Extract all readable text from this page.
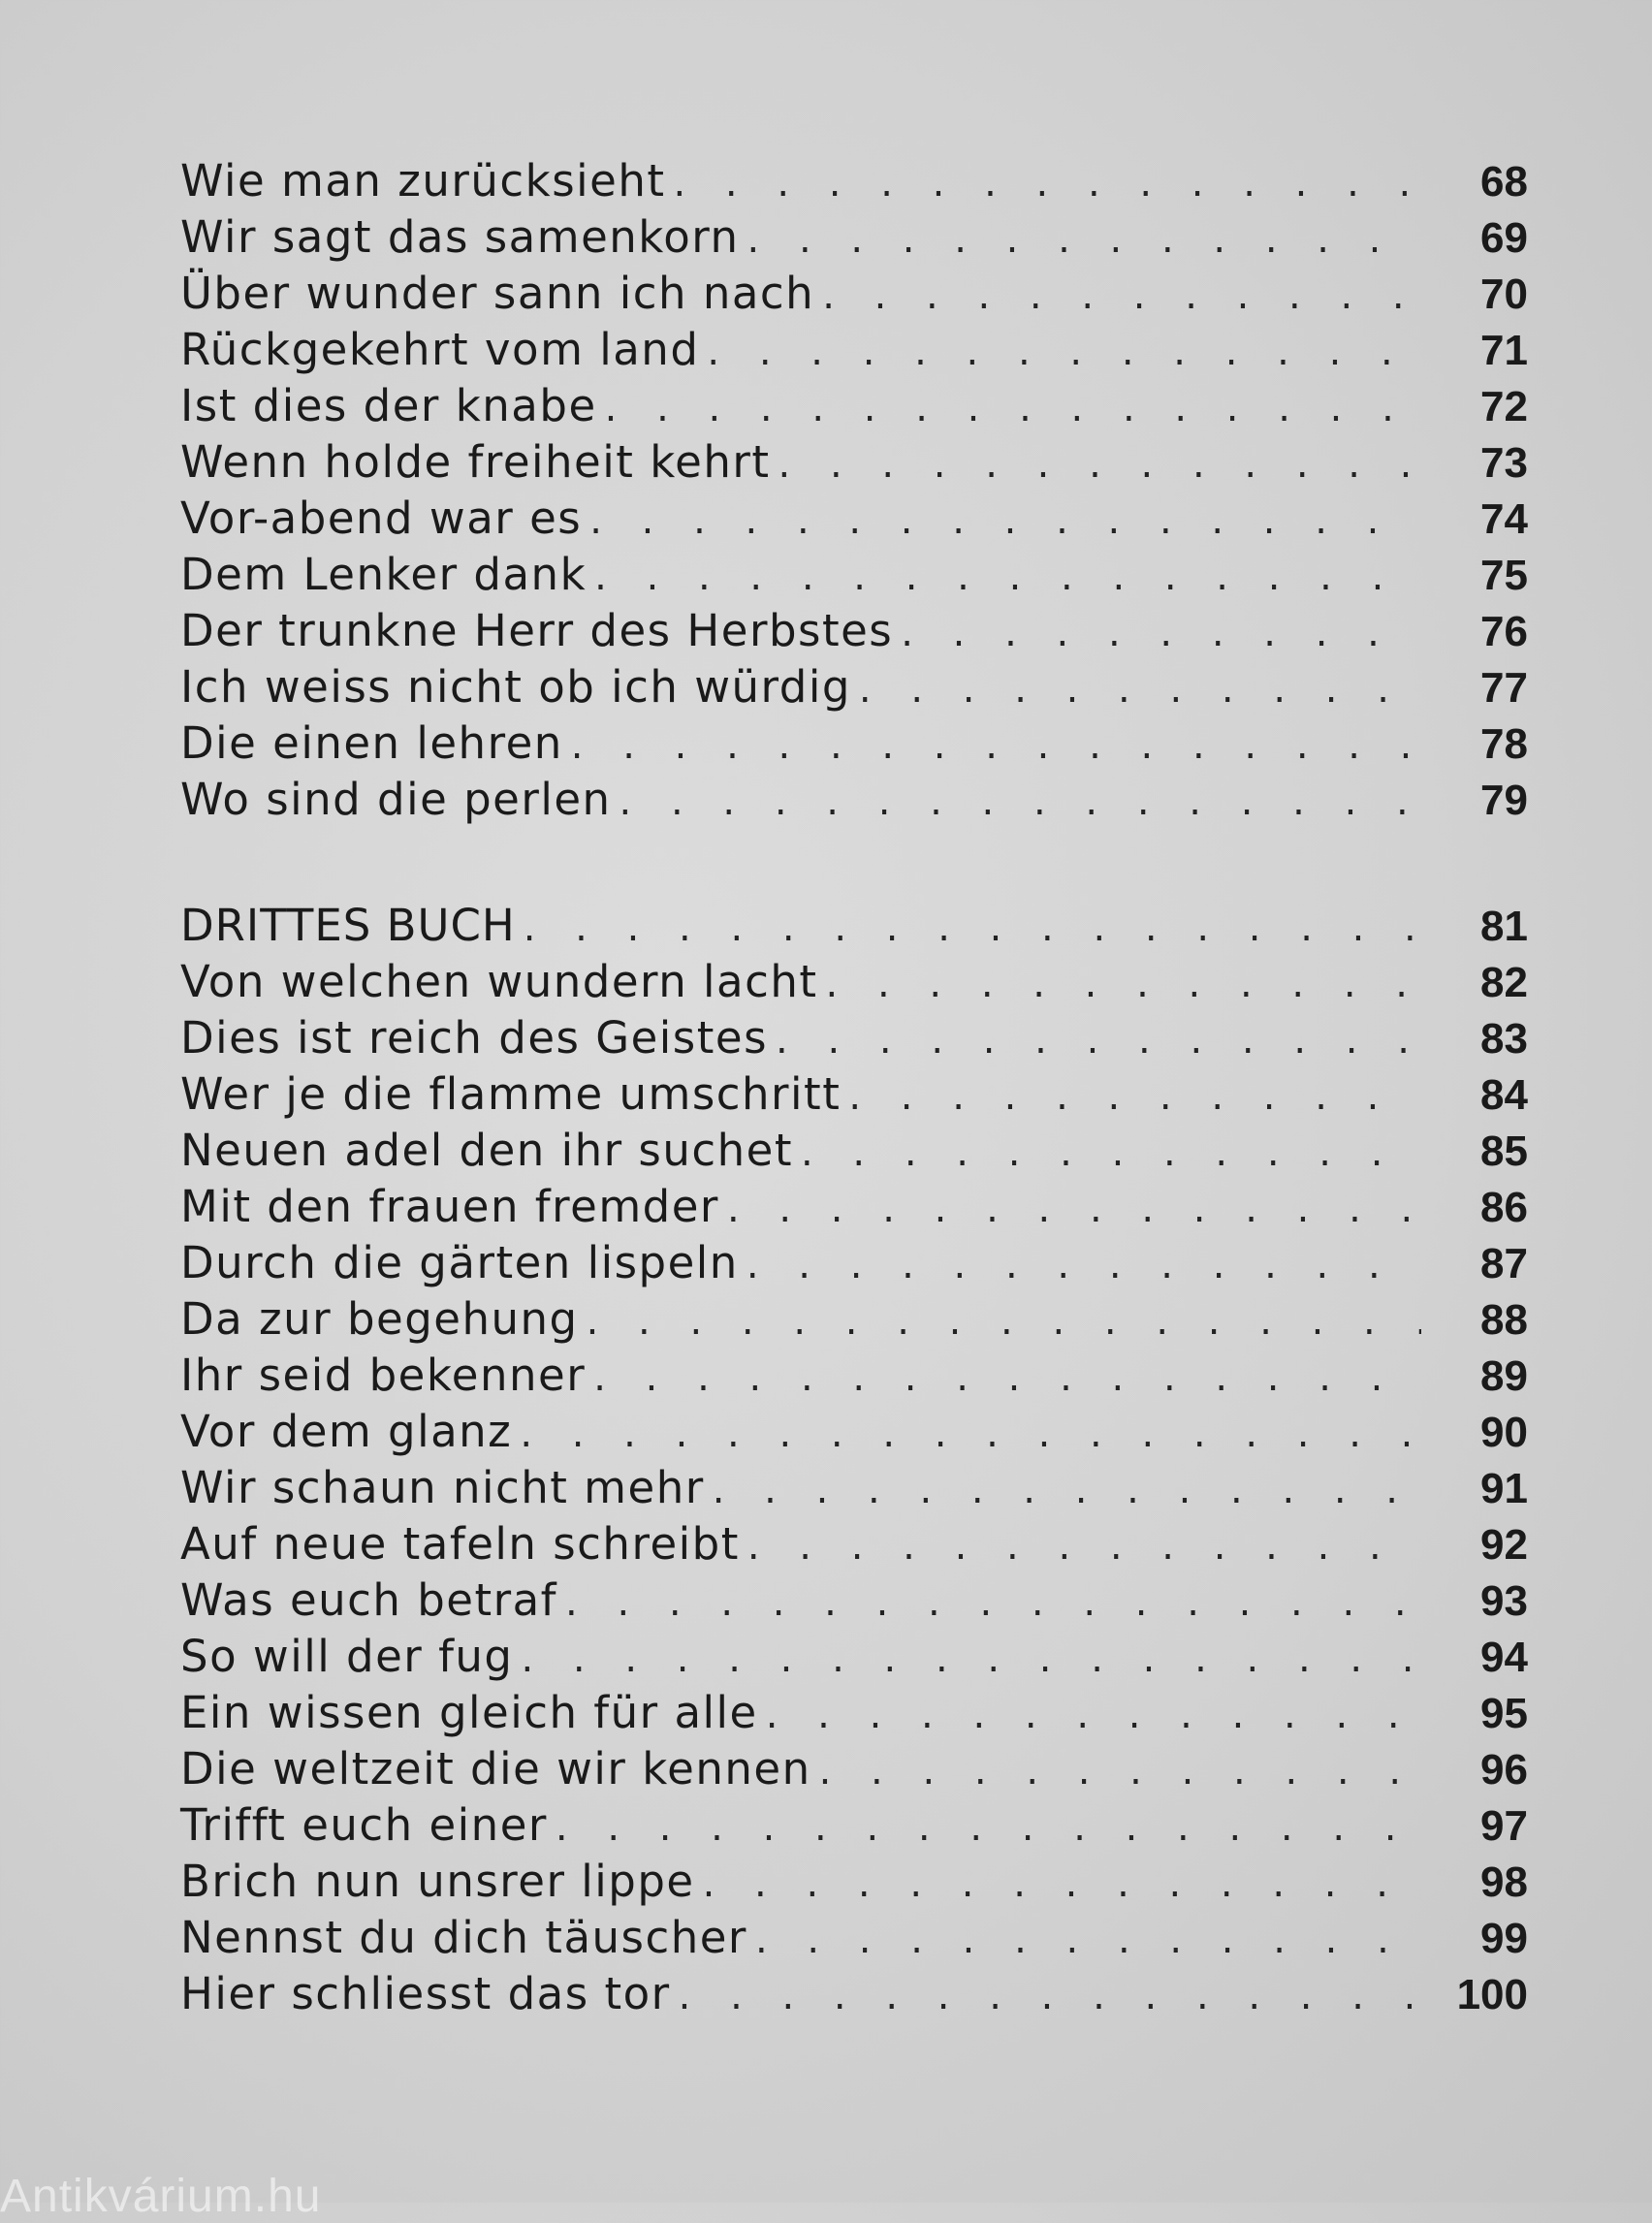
Wie man zurücksieht . . .	68
Wir sagt das samenkorn . . .	69
Über wunder sann ich nach . . .	70
Rückgekehrt vom land . . .	71
Ist dies der knabe . . .	72
Wenn holde freiheit kehrt . . .	73
Vor-abend war es . . .	74
Dem Lenker dank . . .	75
Der trunkne Herr des Herbstes . . .	76
Ich weiss nicht ob ich würdig . . .	77
Die einen lehren . . .	78
Wo sind die perlen . . .	79
DRITTES BUCH . . .	81
Von welchen wundern lacht . . .	82
Dies ist reich des Geistes . . .	83
Wer je die flamme umschritt . . .	84
Neuen adel den ihr suchet . . .	85
Mit den frauen fremder . . .	86
Durch die gärten lispeln . . .	87
Da zur begehung . . .	88
Ihr seid bekenner . . .	89
Vor dem glanz . . .	90
Wir schaun nicht mehr . . .	91
Auf neue tafeln schreibt . . .	92
Was euch betraf . . .	93
So will der fug . . .	94
Ein wissen gleich für alle . . .	95
Die weltzeit die wir kennen . . .	96
Trifft euch einer . . .	97
Brich nun unsrer lippe . . .	98
Nennst du dich täuscher . . .	99
Hier schliesst das tor . . .	100
Antikvárium.hu
